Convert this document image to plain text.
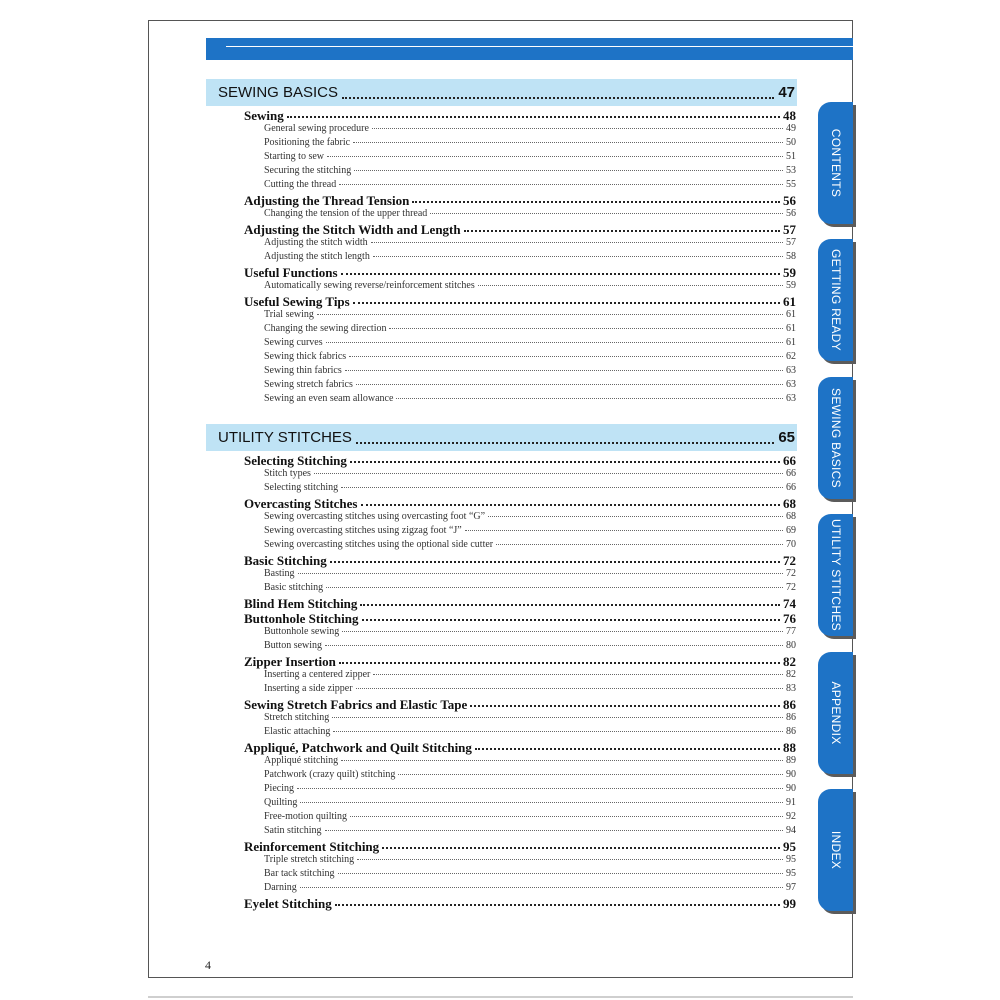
SEWING BASICS	47
Sewing	48
General sewing procedure	49
Positioning the fabric	50
Starting to sew	51
Securing the stitching	53
Cutting the thread	55
Adjusting the Thread Tension	56
Changing the tension of the upper thread	56
Adjusting the Stitch Width and Length	57
Adjusting the stitch width	57
Adjusting the stitch length	58
Useful Functions	59
Automatically sewing reverse/reinforcement stitches	59
Useful Sewing Tips	61
Trial sewing	61
Changing the sewing direction	61
Sewing curves	61
Sewing thick fabrics	62
Sewing thin fabrics	63
Sewing stretch fabrics	63
Sewing an even seam allowance	63
UTILITY STITCHES	65
Selecting Stitching	66
Stitch types	66
Selecting stitching	66
Overcasting Stitches	68
Sewing overcasting stitches using overcasting foot “G”	68
Sewing overcasting stitches using zigzag foot “J”	69
Sewing overcasting stitches using the optional side cutter	70
Basic Stitching	72
Basting	72
Basic stitching	72
Blind Hem Stitching	74
Buttonhole Stitching	76
Buttonhole sewing	77
Button sewing	80
Zipper Insertion	82
Inserting a centered zipper	82
Inserting a side zipper	83
Sewing Stretch Fabrics and Elastic Tape	86
Stretch stitching	86
Elastic attaching	86
Appliqué, Patchwork and Quilt Stitching	88
Appliqué stitching	89
Patchwork (crazy quilt) stitching	90
Piecing	90
Quilting	91
Free-motion quilting	92
Satin stitching	94
Reinforcement Stitching	95
Triple stretch stitching	95
Bar tack stitching	95
Darning	97
Eyelet Stitching	99
CONTENTS
GETTING READY
SEWING BASICS
UTILITY STITCHES
APPENDIX
INDEX
4
